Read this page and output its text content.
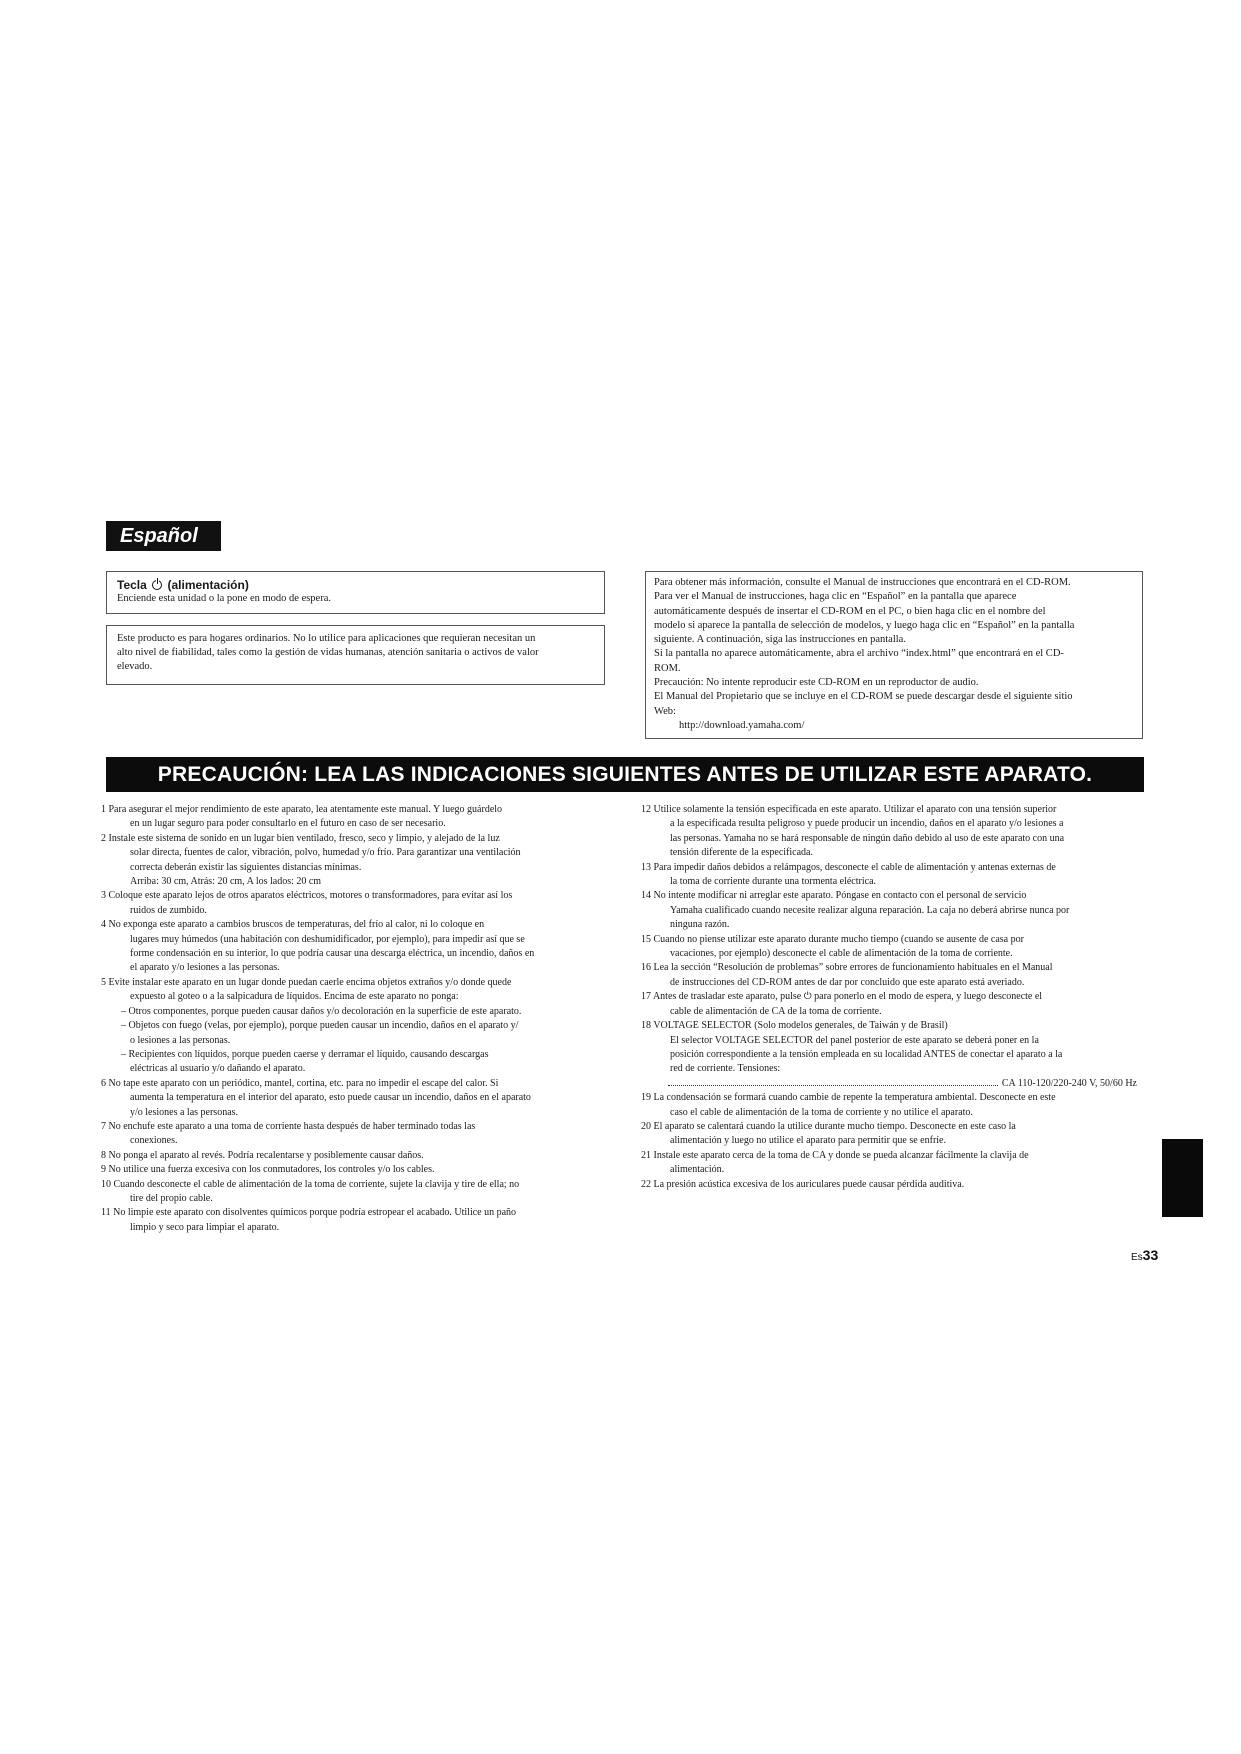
Español
Tecla (alimentación)
Enciende esta unidad o la pone en modo de espera.
Este producto es para hogares ordinarios. No lo utilice para aplicaciones que requieran necesitan un
alto nivel de fiabilidad, tales como la gestión de vidas humanas, atención sanitaria o activos de valor
elevado.
Para obtener más información, consulte el Manual de instrucciones que encontrará en el CD-ROM.
Para ver el Manual de instrucciones, haga clic en “Español” en la pantalla que aparece
automáticamente después de insertar el CD-ROM en el PC, o bien haga clic en el nombre del
modelo si aparece la pantalla de selección de modelos, y luego haga clic en “Español” en la pantalla
siguiente. A continuación, siga las instrucciones en pantalla.
Si la pantalla no aparece automáticamente, abra el archivo “index.html” que encontrará en el CD-
ROM.
Precaución: No intente reproducir este CD-ROM en un reproductor de audio.
El Manual del Propietario que se incluye en el CD-ROM se puede descargar desde el siguiente sitio
Web:
http://download.yamaha.com/
PRECAUCIÓN: LEA LAS INDICACIONES SIGUIENTES ANTES DE UTILIZAR ESTE APARATO.
1 Para asegurar el mejor rendimiento de este aparato, lea atentamente este manual. Y luego guárdelo
en un lugar seguro para poder consultarlo en el futuro en caso de ser necesario.
2 Instale este sistema de sonido en un lugar bien ventilado, fresco, seco y limpio, y alejado de la luz
solar directa, fuentes de calor, vibración, polvo, humedad y/o frío. Para garantizar una ventilación
correcta deberán existir las siguientes distancias mínimas.
Arriba: 30 cm, Atrás: 20 cm, A los lados: 20 cm
3 Coloque este aparato lejos de otros aparatos eléctricos, motores o transformadores, para evitar así los
ruidos de zumbido.
4 No exponga este aparato a cambios bruscos de temperaturas, del frío al calor, ni lo coloque en
lugares muy húmedos (una habitación con deshumidificador, por ejemplo), para impedir así que se
forme condensación en su interior, lo que podría causar una descarga eléctrica, un incendio, daños en
el aparato y/o lesiones a las personas.
5 Evite instalar este aparato en un lugar donde puedan caerle encima objetos extraños y/o donde quede
expuesto al goteo o a la salpicadura de líquidos. Encima de este aparato no ponga:
– Otros componentes, porque pueden causar daños y/o decoloración en la superficie de este aparato.
– Objetos con fuego (velas, por ejemplo), porque pueden causar un incendio, daños en el aparato y/
o lesiones a las personas.
– Recipientes con líquidos, porque pueden caerse y derramar el líquido, causando descargas
eléctricas al usuario y/o dañando el aparato.
6 No tape este aparato con un periódico, mantel, cortina, etc. para no impedir el escape del calor. Si
aumenta la temperatura en el interior del aparato, esto puede causar un incendio, daños en el aparato
y/o lesiones a las personas.
7 No enchufe este aparato a una toma de corriente hasta después de haber terminado todas las
conexiones.
8 No ponga el aparato al revés. Podría recalentarse y posiblemente causar daños.
9 No utilice una fuerza excesiva con los conmutadores, los controles y/o los cables.
10 Cuando desconecte el cable de alimentación de la toma de corriente, sujete la clavija y tire de ella; no
tire del propio cable.
11 No limpie este aparato con disolventes químicos porque podría estropear el acabado. Utilice un paño
limpio y seco para limpiar el aparato.
12 Utilice solamente la tensión especificada en este aparato. Utilizar el aparato con una tensión superior
a la especificada resulta peligroso y puede producir un incendio, daños en el aparato y/o lesiones a
las personas. Yamaha no se hará responsable de ningún daño debido al uso de este aparato con una
tensión diferente de la especificada.
13 Para impedir daños debidos a relámpagos, desconecte el cable de alimentación y antenas externas de
la toma de corriente durante una tormenta eléctrica.
14 No intente modificar ni arreglar este aparato. Póngase en contacto con el personal de servicio
Yamaha cualificado cuando necesite realizar alguna reparación. La caja no deberá abrirse nunca por
ninguna razón.
15 Cuando no piense utilizar este aparato durante mucho tiempo (cuando se ausente de casa por
vacaciones, por ejemplo) desconecte el cable de alimentación de la toma de corriente.
16 Lea la sección “Resolución de problemas” sobre errores de funcionamiento habituales en el Manual
de instrucciones del CD-ROM antes de dar por concluido que este aparato está averiado.
17 Antes de trasladar este aparato, pulse ⏻ para ponerlo en el modo de espera, y luego desconecte el
cable de alimentación de CA de la toma de corriente.
18 VOLTAGE SELECTOR (Solo modelos generales, de Taiwán y de Brasil)
El selector VOLTAGE SELECTOR del panel posterior de este aparato se deberá poner en la
posición correspondiente a la tensión empleada en su localidad ANTES de conectar el aparato a la
red de corriente. Tensiones:
CA 110-120/220-240 V, 50/60 Hz
19 La condensación se formará cuando cambie de repente la temperatura ambiental. Desconecte en este
caso el cable de alimentación de la toma de corriente y no utilice el aparato.
20 El aparato se calentará cuando la utilice durante mucho tiempo. Desconecte en este caso la
alimentación y luego no utilice el aparato para permitir que se enfríe.
21 Instale este aparato cerca de la toma de CA y donde se pueda alcanzar fácilmente la clavija de
alimentación.
22 La presión acústica excesiva de los auriculares puede causar pérdida auditiva.
Es33
